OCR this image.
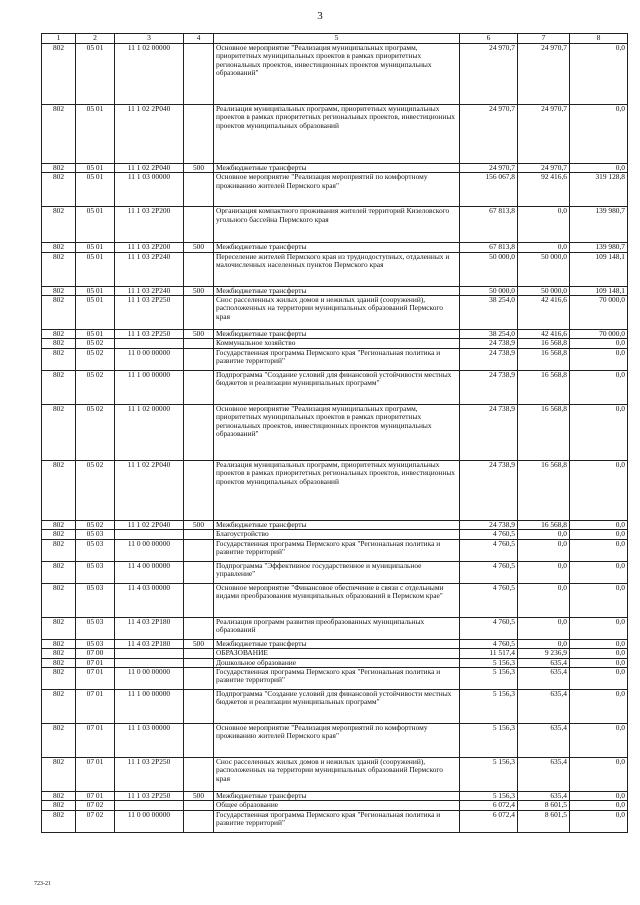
3
1	2	3	4	5	6	7	8
802	05 01	11 1 02 00000		Основное мероприятие "Реализация муниципальных программ, приоритетных муниципальных проектов в рамках приоритетных региональных проектов, инвестиционных проектов муниципальных образований"	24 970,7	24 970,7	0,0
802	05 01	11 1 02 2P040		Реализация муниципальных программ, приоритетных муниципальных проектов в рамках приоритетных региональных проектов, инвестиционных проектов муниципальных образований	24 970,7	24 970,7	0,0
802	05 01	11 1 02 2P040	500	Межбюджетные трансферты	24 970,7	24 970,7	0,0
802	05 01	11 1 03 00000		Основное мероприятие "Реализация мероприятий по комфортному проживанию жителей Пермского края"	156 067,8	92 416,6	319 128,8
802	05 01	11 1 03 2P200		Организация компактного проживания жителей территорий Кизеловского угольного бассейна Пермского края	67 813,8	0,0	139 980,7
802	05 01	11 1 03 2P200	500	Межбюджетные трансферты	67 813,8	0,0	139 980,7
802	05 01	11 1 03 2P240		Переселение жителей Пермского края из труднодоступных, отдаленных и малочисленных населенных пунктов Пермского края	50 000,0	50 000,0	109 148,1
802	05 01	11 1 03 2P240	500	Межбюджетные трансферты	50 000,0	50 000,0	109 148,1
802	05 01	11 1 03 2P250		Снос расселенных жилых домов и нежилых зданий (сооружений), расположенных на территории муниципальных образований Пермского края	38 254,0	42 416,6	70 000,0
802	05 01	11 1 03 2P250	500	Межбюджетные трансферты	38 254,0	42 416,6	70 000,0
802	05 02			Коммунальное хозяйство	24 738,9	16 568,8	0,0
802	05 02	11 0 00 00000		Государственная программа Пермского края "Региональная политика и развитие территорий"	24 738,9	16 568,8	0,0
802	05 02	11 1 00 00000		Подпрограмма "Создание условий для финансовой устойчивости местных бюджетов и реализации муниципальных программ"	24 738,9	16 568,8	0,0
802	05 02	11 1 02 00000		Основное мероприятие "Реализация муниципальных программ, приоритетных муниципальных проектов в рамках приоритетных региональных проектов, инвестиционных проектов муниципальных образований"	24 738,9	16 568,8	0,0
802	05 02	11 1 02 2P040		Реализация муниципальных программ, приоритетных муниципальных проектов в рамках приоритетных региональных проектов, инвестиционных проектов муниципальных образований	24 738,9	16 568,8	0,0
802	05 02	11 1 02 2P040	500	Межбюджетные трансферты	24 738,9	16 568,8	0,0
802	05 03			Благоустройство	4 760,5	0,0	0,0
802	05 03	11 0 00 00000		Государственная программа Пермского края "Региональная политика и развитие территорий"	4 760,5	0,0	0,0
802	05 03	11 4 00 00000		Подпрограмма "Эффективное государственное и муниципальное управление"	4 760,5	0,0	0,0
802	05 03	11 4 03 00000		Основное мероприятие "Финансовое обеспечение в связи с отдельными видами преобразования муниципальных образований в Пермском крае"	4 760,5	0,0	0,0
802	05 03	11 4 03 2P180		Реализация программ развития преобразованных муниципальных образований	4 760,5	0,0	0,0
802	05 03	11 4 03 2P180	500	Межбюджетные трансферты	4 760,5	0,0	0,0
802	07 00			ОБРАЗОВАНИЕ	11 517,4	9 236,9	0,0
802	07 01			Дошкольное образование	5 156,3	635,4	0,0
802	07 01	11 0 00 00000		Государственная программа Пермского края "Региональная политика и развитие территорий"	5 156,3	635,4	0,0
802	07 01	11 1 00 00000		Подпрограмма "Создание условий для финансовой устойчивости местных бюджетов и реализации муниципальных программ"	5 156,3	635,4	0,0
802	07 01	11 1 03 00000		Основное мероприятие "Реализация мероприятий по комфортному проживанию жителей Пермского края"	5 156,3	635,4	0,0
802	07 01	11 1 03 2P250		Снос расселенных жилых домов и нежилых зданий (сооружений), расположенных на территории муниципальных образований Пермского края	5 156,3	635,4	0,0
802	07 01	11 1 03 2P250	500	Межбюджетные трансферты	5 156,3	635,4	0,0
802	07 02			Общее образование	6 072,4	8 601,5	0,0
802	07 02	11 0 00 00000		Государственная программа Пермского края "Региональная политика и развитие территорий"	6 072,4	8 601,5	0,0
723-21
